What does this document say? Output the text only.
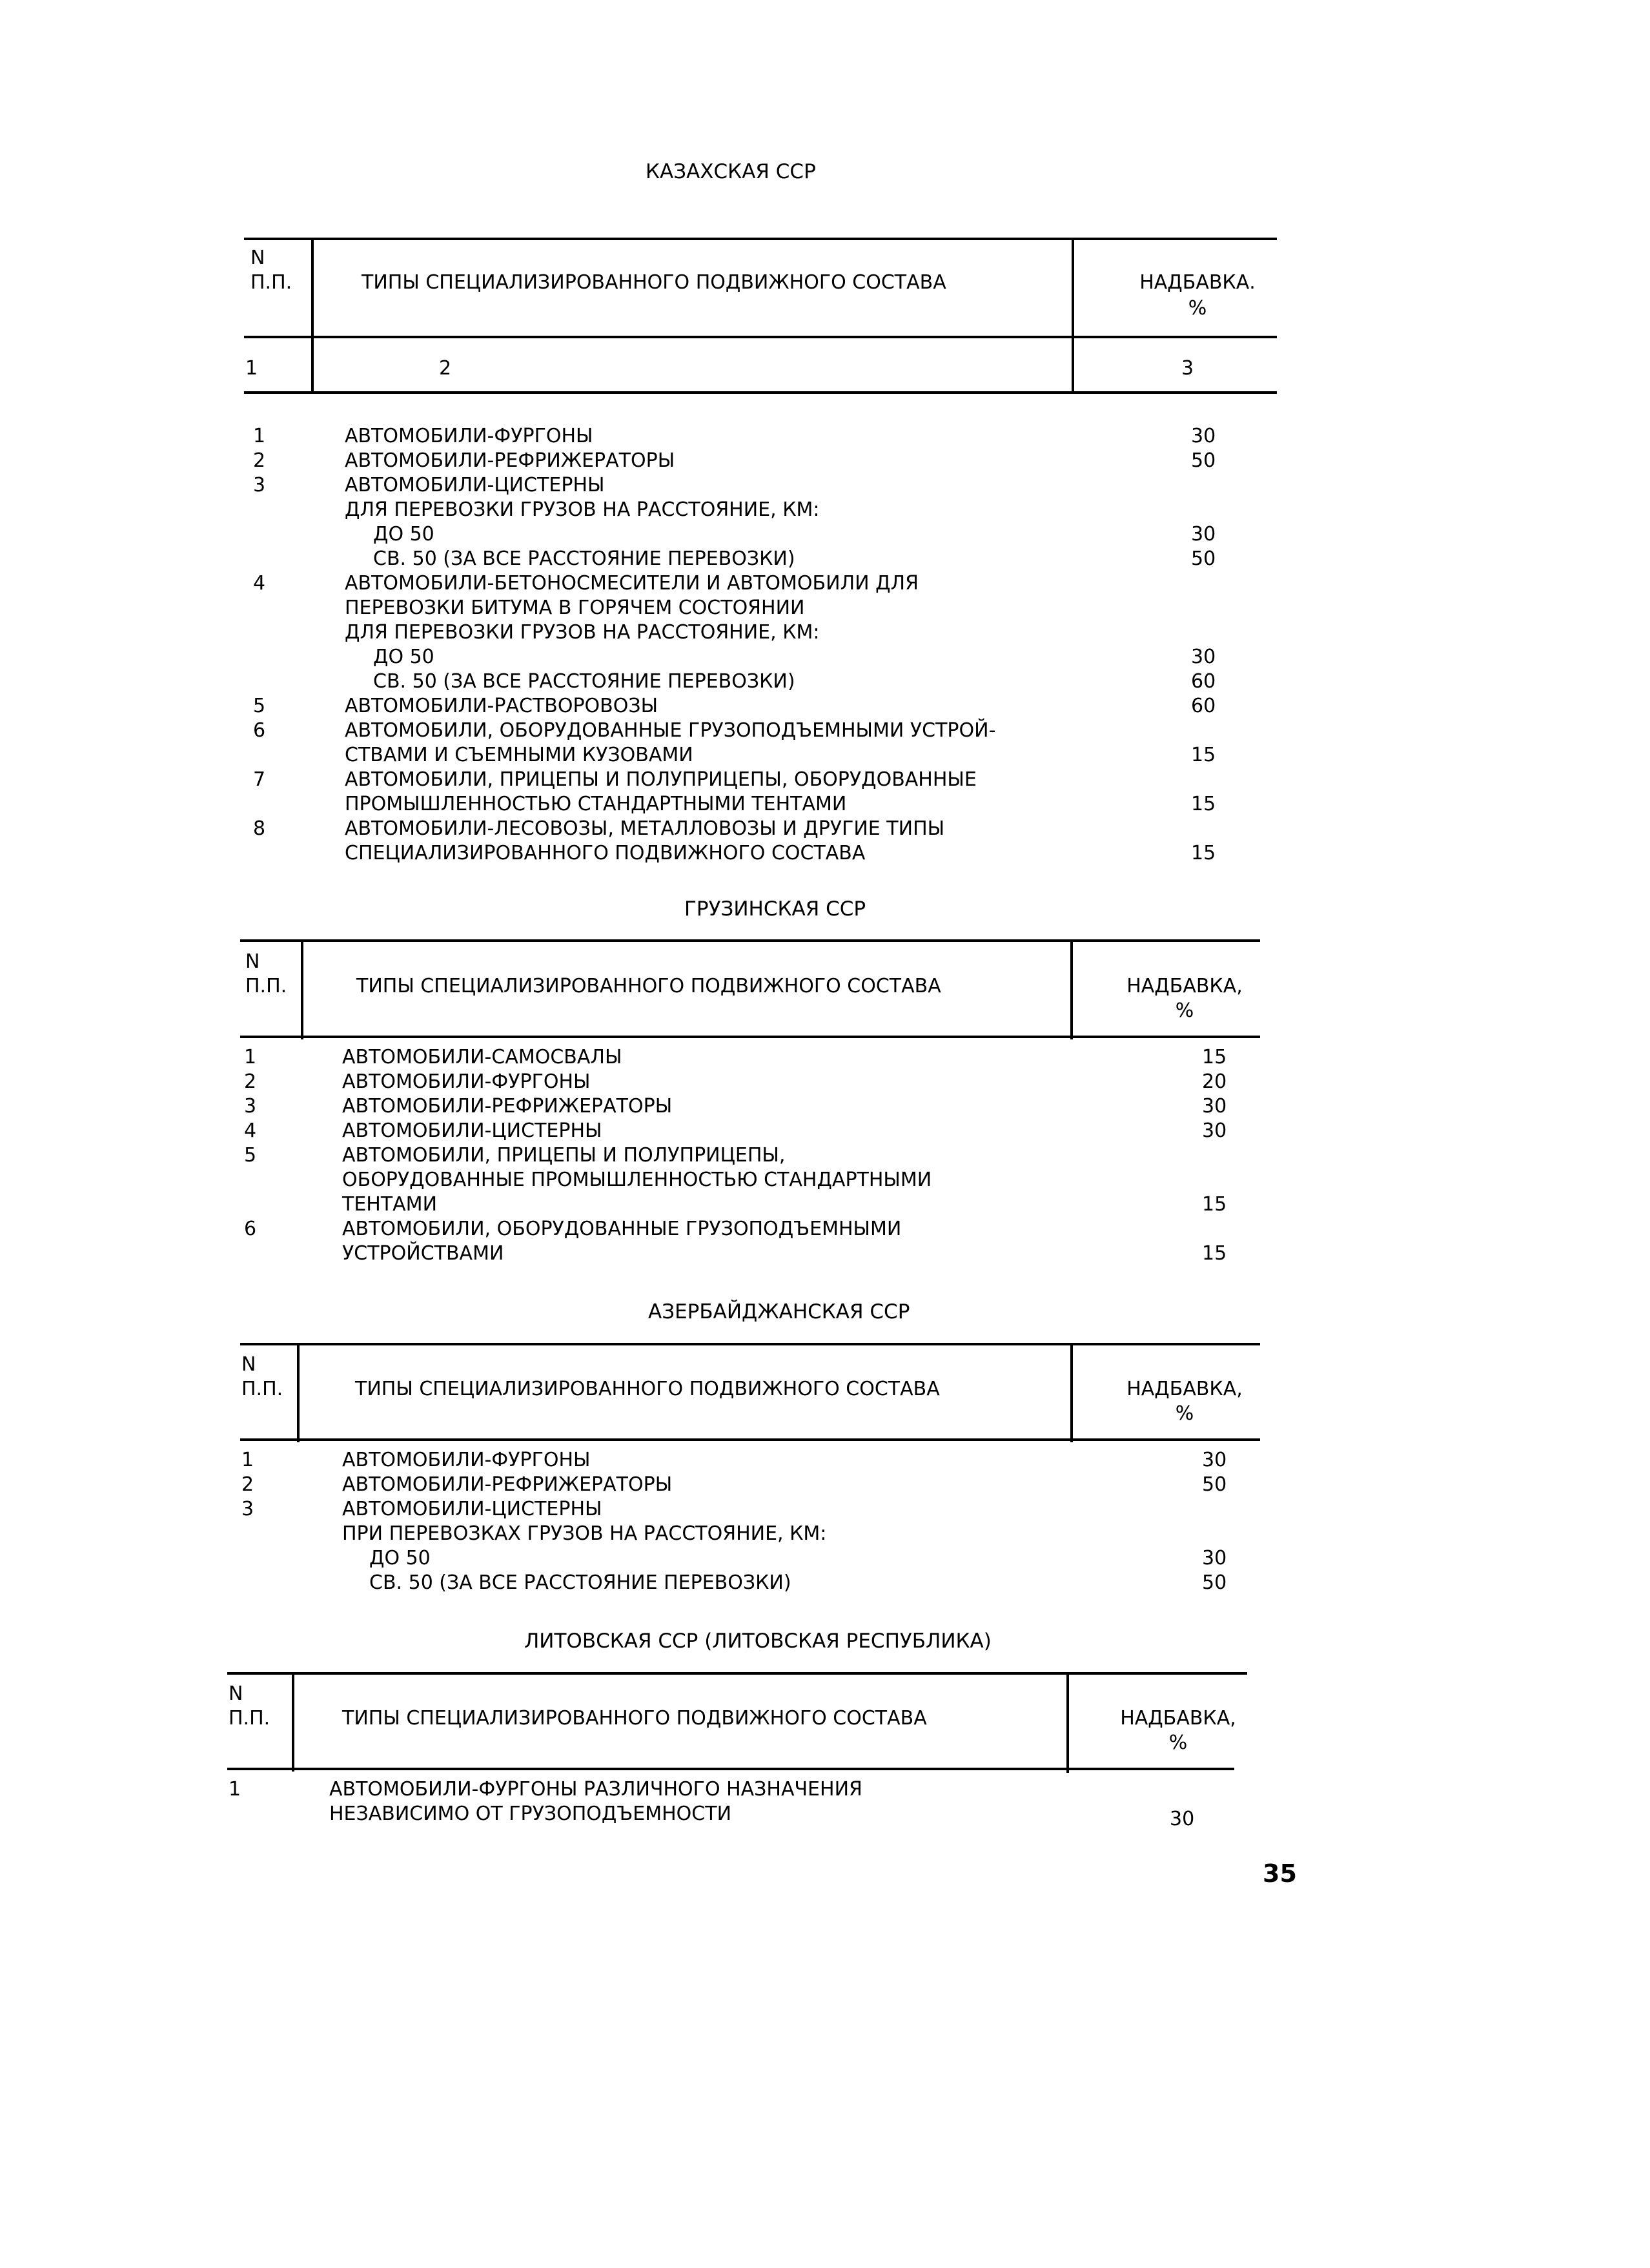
КАЗАХСКАЯ ССР
N
П.П.	ТИПЫ СПЕЦИАЛИЗИРОВАННОГО ПОДВИЖНОГО СОСТАВА	НАДБАВКА.
%
1	2	3
1	АВТОМОБИЛИ-ФУРГОНЫ	30
2	АВТОМОБИЛИ-РЕФРИЖЕРАТОРЫ	50
3	АВТОМОБИЛИ-ЦИСТЕРНЫ
ДЛЯ ПЕРЕВОЗКИ ГРУЗОВ НА РАССТОЯНИЕ, КМ:
ДО 50	30
СВ. 50 (ЗА ВСЕ РАССТОЯНИЕ ПЕРЕВОЗКИ)	50
4	АВТОМОБИЛИ-БЕТОНОСМЕСИТЕЛИ И АВТОМОБИЛИ ДЛЯ
ПЕРЕВОЗКИ БИТУМА В ГОРЯЧЕМ СОСТОЯНИИ
ДЛЯ ПЕРЕВОЗКИ ГРУЗОВ НА РАССТОЯНИЕ, КМ:
ДО 50	30
СВ. 50 (ЗА ВСЕ РАССТОЯНИЕ ПЕРЕВОЗКИ)	60
5	АВТОМОБИЛИ-РАСТВОРОВОЗЫ	60
6	АВТОМОБИЛИ, ОБОРУДОВАННЫЕ ГРУЗОПОДЪЕМНЫМИ УСТРОЙ-
СТВАМИ И СЪЕМНЫМИ КУЗОВАМИ	15
7	АВТОМОБИЛИ, ПРИЦЕПЫ И ПОЛУПРИЦЕПЫ, ОБОРУДОВАННЫЕ
ПРОМЫШЛЕННОСТЬЮ СТАНДАРТНЫМИ ТЕНТАМИ	15
8	АВТОМОБИЛИ-ЛЕСОВОЗЫ, МЕТАЛЛОВОЗЫ И ДРУГИЕ ТИПЫ
СПЕЦИАЛИЗИРОВАННОГО ПОДВИЖНОГО СОСТАВА	15
ГРУЗИНСКАЯ ССР
N
П.П.	ТИПЫ СПЕЦИАЛИЗИРОВАННОГО ПОДВИЖНОГО СОСТАВА	НАДБАВКА,
%
1	АВТОМОБИЛИ-САМОСВАЛЫ	15
2	АВТОМОБИЛИ-ФУРГОНЫ	20
3	АВТОМОБИЛИ-РЕФРИЖЕРАТОРЫ	30
4	АВТОМОБИЛИ-ЦИСТЕРНЫ	30
5	АВТОМОБИЛИ, ПРИЦЕПЫ И ПОЛУПРИЦЕПЫ,
ОБОРУДОВАННЫЕ ПРОМЫШЛЕННОСТЬЮ СТАНДАРТНЫМИ
ТЕНТАМИ	15
6	АВТОМОБИЛИ, ОБОРУДОВАННЫЕ ГРУЗОПОДЪЕМНЫМИ
УСТРОЙСТВАМИ	15
АЗЕРБАЙДЖАНСКАЯ ССР
N
П.П.	ТИПЫ СПЕЦИАЛИЗИРОВАННОГО ПОДВИЖНОГО СОСТАВА	НАДБАВКА,
%
1	АВТОМОБИЛИ-ФУРГОНЫ	30
2	АВТОМОБИЛИ-РЕФРИЖЕРАТОРЫ	50
3	АВТОМОБИЛИ-ЦИСТЕРНЫ
ПРИ ПЕРЕВОЗКАХ ГРУЗОВ НА РАССТОЯНИЕ, КМ:
ДО 50	30
СВ. 50 (ЗА ВСЕ РАССТОЯНИЕ ПЕРЕВОЗКИ)	50
ЛИТОВСКАЯ ССР (ЛИТОВСКАЯ РЕСПУБЛИКА)
N
П.П.	ТИПЫ СПЕЦИАЛИЗИРОВАННОГО ПОДВИЖНОГО СОСТАВА	НАДБАВКА,
%
1	АВТОМОБИЛИ-ФУРГОНЫ РАЗЛИЧНОГО НАЗНАЧЕНИЯ
НЕЗАВИСИМО ОТ ГРУЗОПОДЪЕМНОСТИ	30
35
